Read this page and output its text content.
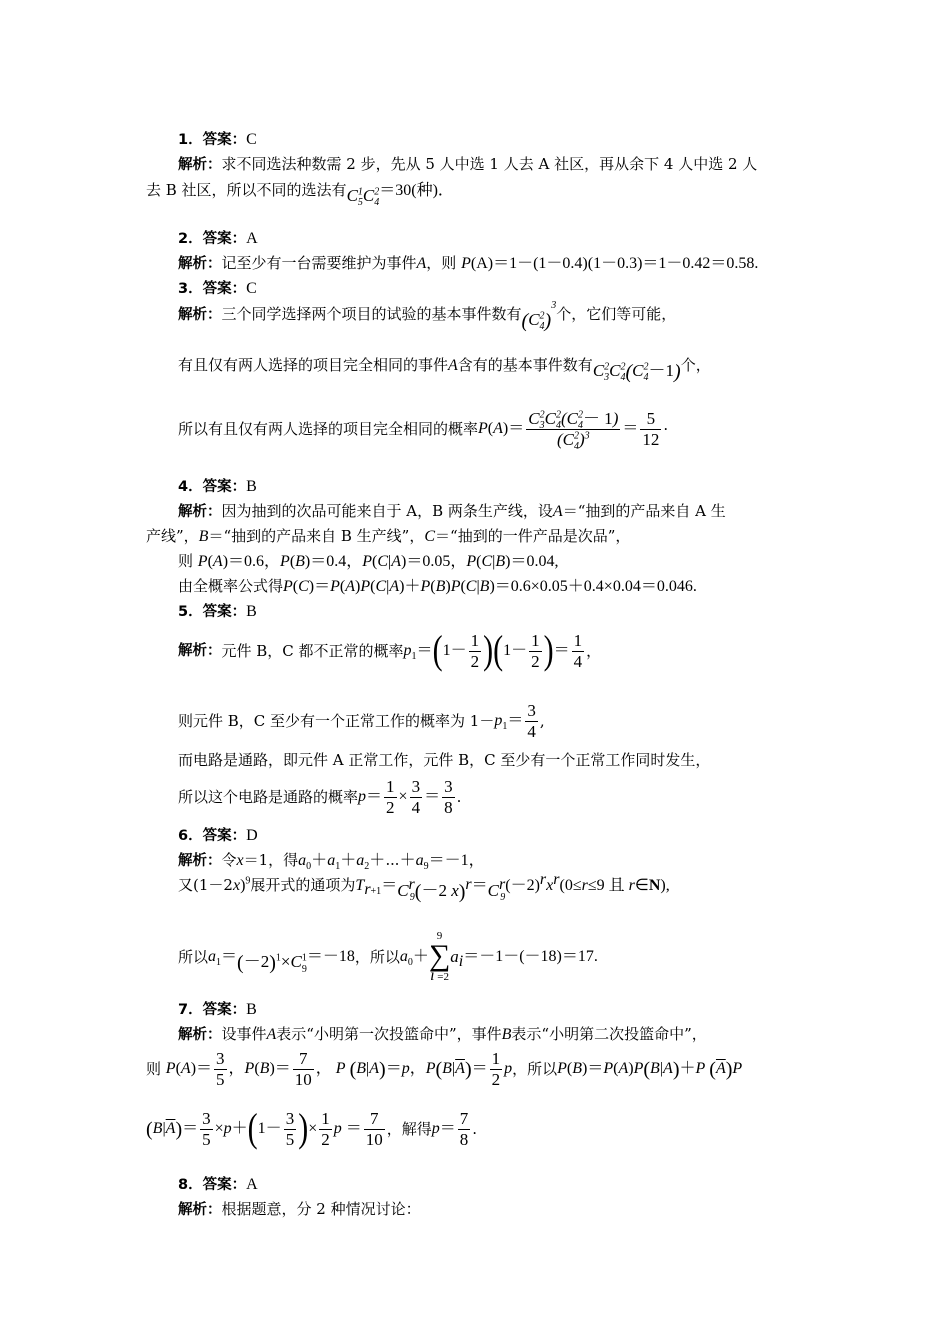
1．答案：C
解析：求不同选法种数需 2 步，先从 5 人中选 1 人去 A 社区，再从余下 4 人中选 2 人
去 B 社区，所以不同的选法有$C^1_5C^2_4=30$(种)．
2．答案：A
解析：记至少有一台需要维护为事件A，则 P(A)＝1－(1－0.4)(1－0.3)＝1－0.42＝0.58.
3．答案：C
解析：三个同学选择两个项目的试验的基本事件数有$(C^2_4)^3$个，它们等可能，
有且仅有两人选择的项目完全相同的事件A含有的基本事件数有$C^2_3C^2_4(C^2_4-1)$个，
所以有且仅有两人选择的项目完全相同的概率$P(A)= \frac{C^2_3C^2_4(C^2_4- 1)}{(C^2_4)^3} = \frac{5}{12}$ ·
4．答案：B
解析：因为抽到的次品可能来自于 A，B 两条生产线，设A＝“抽到的产品来自 A 生
产线”，B＝“抽到的产品来自 B 生产线”，C＝“抽到的一件产品是次品”，
则 P(A)＝0.6，P(B)＝0.4，P(C|A)＝0.05，P(C|B)＝0.04,
由全概率公式得P(C)＝P(A)P(C|A)＋P(B)P(C|B)＝0.6×0.05＋0.4×0.04＝0.046.
5．答案：B
解析：元件 B，C 都不正常的概率$p_1=(1- \frac{1}{2} )(1- \frac{1}{2}$ )＝ $\frac{1}{4}$ ，
则元件 B，C 至少有一个正常工作的概率为 $1-p_1= \frac{3}{4}$ ,
而电路是通路，即元件 A 正常工作，元件 B，C 至少有一个正常工作同时发生，
所以这个电路是通路的概率$p= \frac{1}{2} \times \frac{3}{4} = \frac{3}{8}$ .
6．答案：D
解析：令x＝1，得$a_0+a_1+a_2+\cdots+a_9=-1$，
又$(1-2x)^9$展开式的通项为$T_{r+1}=C^r_9(-2$ $x)^r=C^r_9(-2)^rx^r(0\le r\le 9$ 且 r∈N),
所以$a_1=(-2)^1\times C^1_9=-18$，所以$a_0+$
9
∑
i =2
$a_i=-1-(-18)=17$.
7．答案：B
解析：设事件A表示“小明第一次投篮命中”，事件B表示“小明第二次投篮命中”，
则 $P(A)= \frac{3}{5}$ ，$P(B)= \frac{7}{10}$ ， P (B|A)＝p，$P(B|\overline{A})= \frac{1}{2}$ p，所以P(B)＝P(A)P(B|A)＋P $(\overline{A})P$
$(B|\overline{A})= \frac{3}{5} \times p+(1- \frac{3}{5}$ )× $\frac{1}{2}$ $p = \frac{7}{10}$ ，解得$p= \frac{7}{8}$ .
8．答案：A
解析：根据题意，分 2 种情况讨论：
